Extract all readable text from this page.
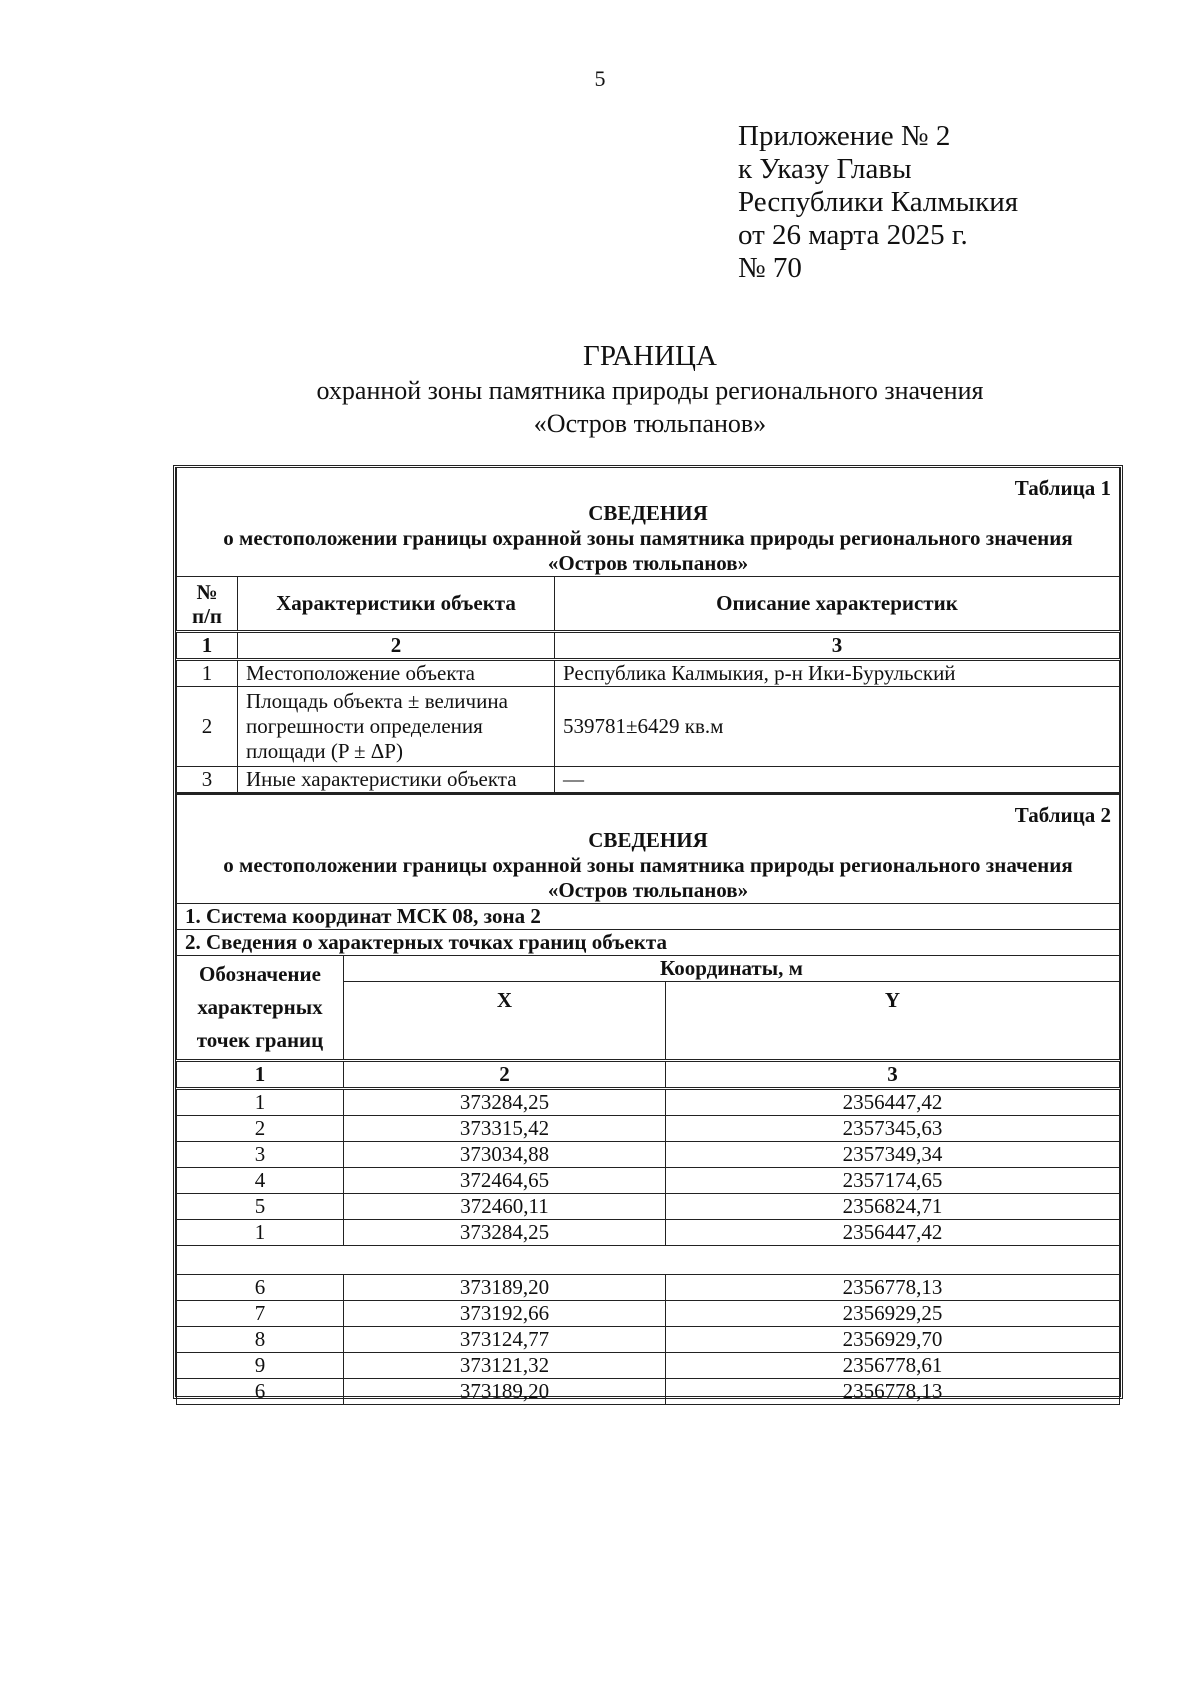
5
Приложение № 2
к Указу Главы
Республики Калмыкия
от 26 марта 2025 г.
№ 70
ГРАНИЦА
охранной зоны памятника природы регионального значения
«Остров тюльпанов»
Таблица 1
СВЕДЕНИЯ
о местоположении границы охранной зоны памятника природы регионального значения
«Остров тюльпанов»		

№
п/п	Характеристики объекта	Описание характеристик
1	2	3
1	Местоположение объекта	Республика Калмыкия, р-н Ики-Бурульский
2	Площадь объекта ± величина погрешности определения площади (P ± ΔP)	539781±6429 кв.м
3	Иные характеристики объекта	—
Таблица 2
СВЕДЕНИЯ
о местоположении границы охранной зоны памятника природы регионального значения
«Остров тюльпанов»		

1. Система координат МСК 08, зона 2		
2. Сведения о характерных точках границ объекта		
Обозначение характерных точек границ	Координаты, м	
	X	Y
1	2	3
1	373284,25	2356447,42
2	373315,42	2357345,63
3	373034,88	2357349,34
4	372464,65	2357174,65
5	372460,11	2356824,71
1	373284,25	2356447,42

6	373189,20	2356778,13
7	373192,66	2356929,25
8	373124,77	2356929,70
9	373121,32	2356778,61
6	373189,20	2356778,13
